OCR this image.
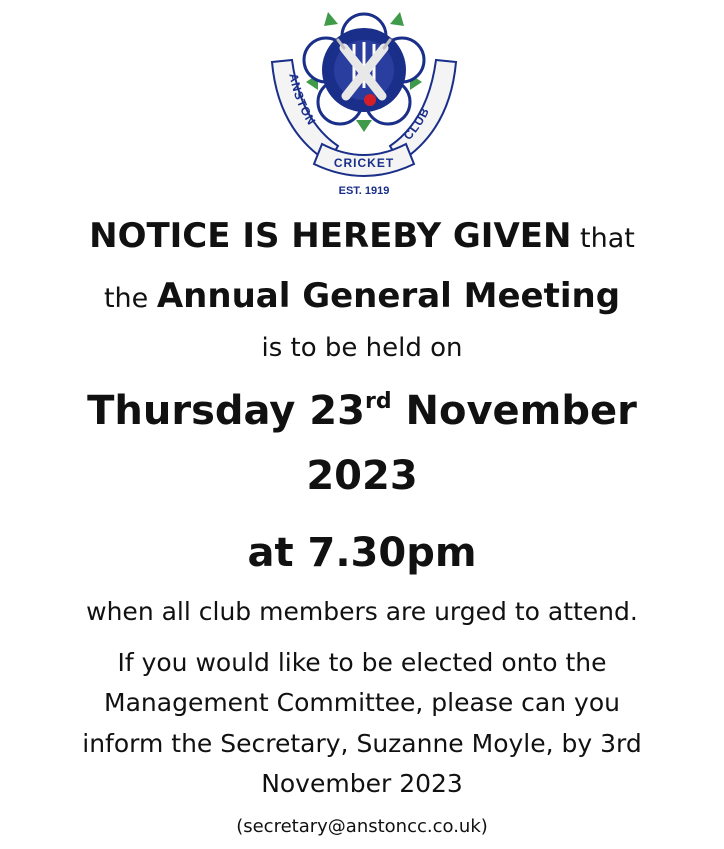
ANSTON
CLUB
CRICKET
EST. 1919
NOTICE IS HEREBY GIVEN that
the Annual General Meeting
is to be held on
Thursday 23rd November
2023
at 7.30pm
when all club members are urged to attend.
If you would like to be elected onto the
Management Committee, please can you
inform the Secretary, Suzanne Moyle, by 3rd
November 2023
(secretary@anstoncc.co.uk)
